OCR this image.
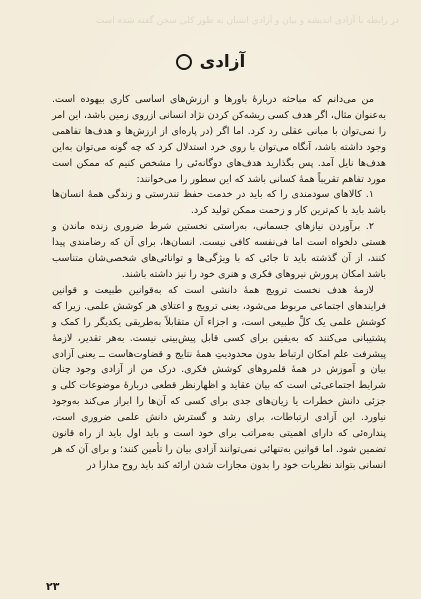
در رابطه با آزادی اندیشه و بیان و آزادی انسان به طور کلی سخن گفته شده است
آزادی

من می‌دانم که مباحثه دربارهٔ باورها و ارزش‌های اساسی کاری بیهوده است. به‌عنوان مثال، اگر هدف کسی ریشه‌کن کردن نژاد انسانی ازروی زمین باشد، این امر را نمی‌توان با مبانی عقلی رد کرد. اما اگر (در پاره‌ای از ارزش‌ها و هدف‌ها تفاهمی وجود داشته باشد، آنگاه می‌توان با روی خرد استدلال کرد که چه گونه می‌توان به‌این هدف‌ها نایل آمد. پس بگذارید هدف‌های دوگانه‌ئی را مشخص کنیم که ممکن است مورد تفاهم تقریباً همهٔ کسانی باشد که این سطور را می‌خوانند:

۱. کالاهای سودمندی را که باید در خدمت حفظ تندرستی و زندگی همهٔ انسان‌ها باشد باید با کم‌ترین کار و زحمت ممکن تولید کرد.

۲. برآوردن نیازهای جسمانی، به‌راستی نخستین شرط ضروری زنده ماندن و هستی دلخواه است اما فی‌نفسه کافی نیست. انسان‌ها، برای آن که رضامندی پیدا کنند، از آن گذشته باید تا جائی که با ویژگی‌ها و توانائی‌های شخصی‌شان متناسب باشد امکان پرورش نیروهای فکری و هنری خود را نیز داشته باشند.

لازمهٔ هدف نخست ترویج همهٔ دانشی است که به‌قوانین طبیعت و قوانین فرایندهای اجتماعی مربوط می‌شود، یعنی ترویج و اعتلای هر کوشش علمی. زیرا که کوشش علمی یک کلِّ طبیعی است، و اجزاء آن متقابلاً به‌طریقی یکدیگر را کمک و پشتیبانی می‌کنند که به‌یقین برای کسی قابل پیش‌بینی نیست. به‌هر تقدیر، لازمهٔ پیشرفت علم امکان ارتباط بدون محدودیتِ همهٔ نتایج و قضاوت‌هاست ــ یعنی آزادی بیان و آموزش در همهٔ قلمروهای کوشش فکری. درک من از آزادی وجود چنان شرایط اجتماعی‌ئی است که بیان عقاید و اظهارنظر قطعی دربارهٔ موضوعات کلی و جزئی دانش خطرات یا زیان‌های جدی برای کسی که آن‌ها را ابراز می‌کند به‌وجود نیاورد. این آزادی ارتباطات، برای رشد و گسترش دانش علمی ضروری است، پنداره‌ئی که دارای اهمیتی به‌مراتب برای خود است و باید اول باید از راه قانون تضمین شود. اما قوانین به‌تنهائی نمی‌توانند آزادی بیان را تأمین کنند؛ و برای آن که هر انسانی بتواند نظریات خود را بدون مجازات شدن ارائه کند باید روح مدارا در

۲۳
